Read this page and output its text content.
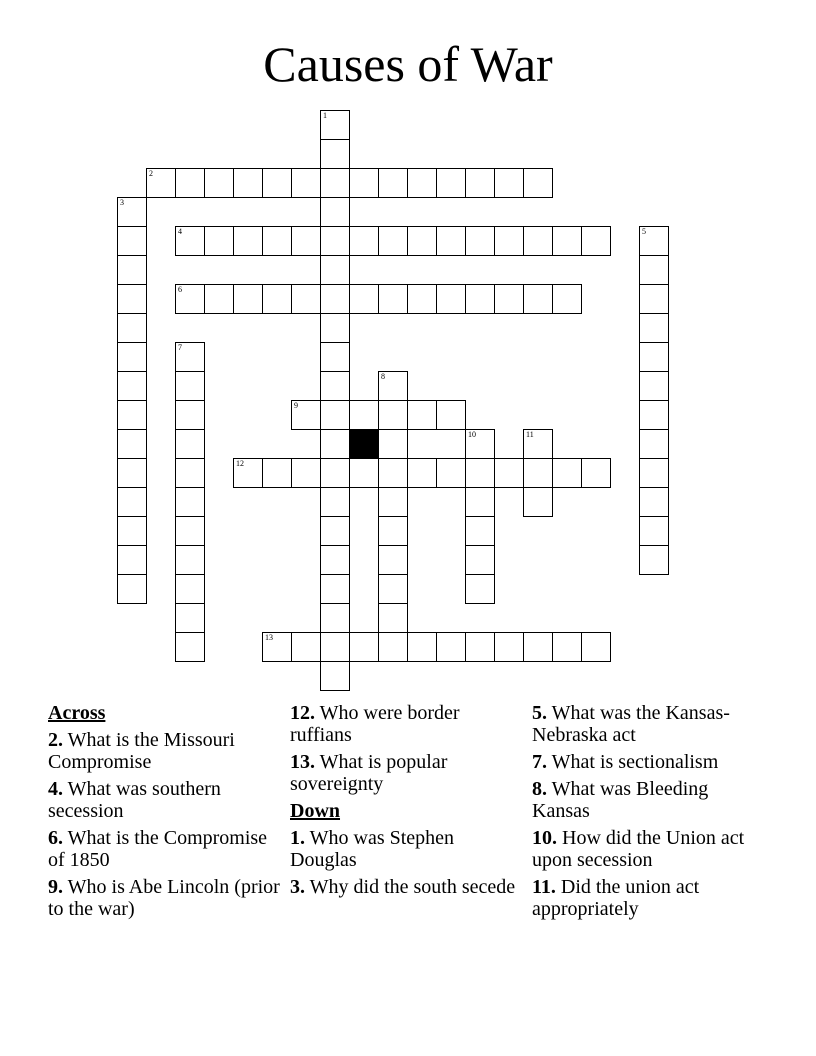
Causes of War
2
4
6
9
12
13
1
3
5
7
8
10	11
Across
2. What is the Missouri Compromise
4. What was southern secession
6. What is the Compromise of 1850
9. Who is Abe Lincoln (prior to the war)
12. Who were border ruffians
13. What is popular sovereignty
Down
1. Who was Stephen Douglas
3. Why did the south secede
5. What was the Kansas-Nebraska act
7. What is sectionalism
8. What was Bleeding Kansas
10. How did the Union act upon secession
11. Did the union act appropriately
